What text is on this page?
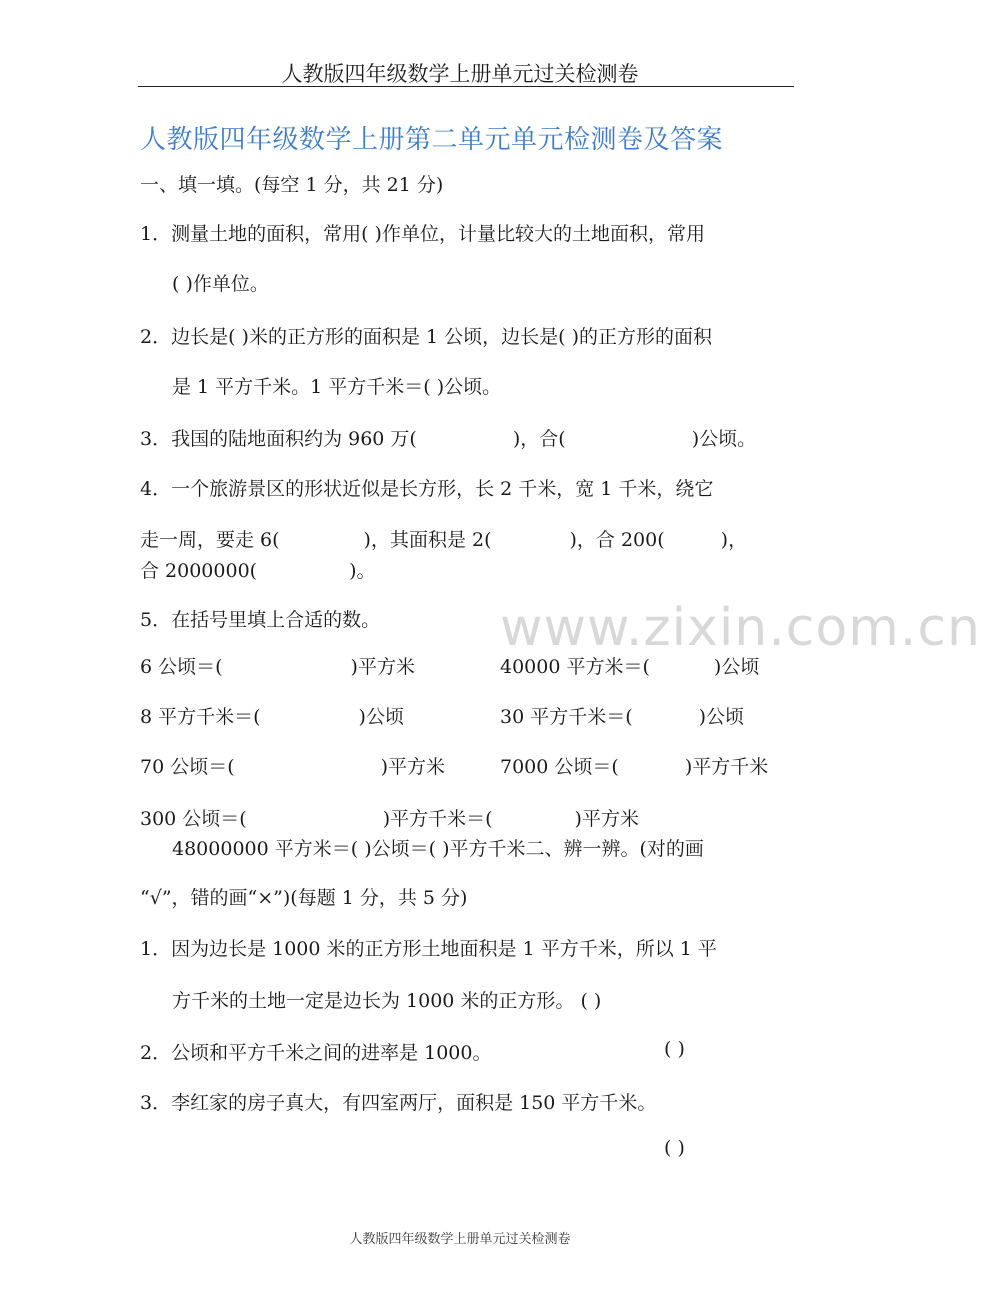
人教版四年级数学上册单元过关检测卷
人教版四年级数学上册第二单元单元检测卷及答案
一、填一填。(每空 1 分，共 21 分)
1．测量土地的面积，常用( )作单位，计量比较大的土地面积，常用
( )作单位。
2．边长是( )米的正方形的面积是 1 公顷，边长是( )的正方形的面积
是 1 平方千米。1 平方千米＝( )公顷。
3．我国的陆地面积约为 960 万(	)，合(	)公顷。
4．一个旅游景区的形状近似是长方形，长 2 千米，宽 1 千米，绕它
走一周，要走 6(	)，其面积是 2(	)，合 200(	)，
合 2000000(	)。
5．在括号里填上合适的数。 www.zixin.com.cn
6 公顷＝(	)平方米	40000 平方米＝(	)公顷
8 平方千米＝(	)公顷	30 平方千米＝(	)公顷
70 公顷＝(	)平方米	7000 公顷＝(	)平方千米
300 公顷＝(	)平方千米＝(	)平方米
48000000 平方米＝( )公顷＝( )平方千米二、辨一辨。(对的画
“√”，错的画“×”)(每题 1 分，共 5 分)
1．因为边长是 1000 米的正方形土地面积是 1 平方千米，所以 1 平
方千米的土地一定是边长为 1000 米的正方形。 ( )
2．公顷和平方千米之间的进率是 1000。	( )
3．李红家的房子真大，有四室两厅，面积是 150 平方千米。
( )
人教版四年级数学上册单元过关检测卷
